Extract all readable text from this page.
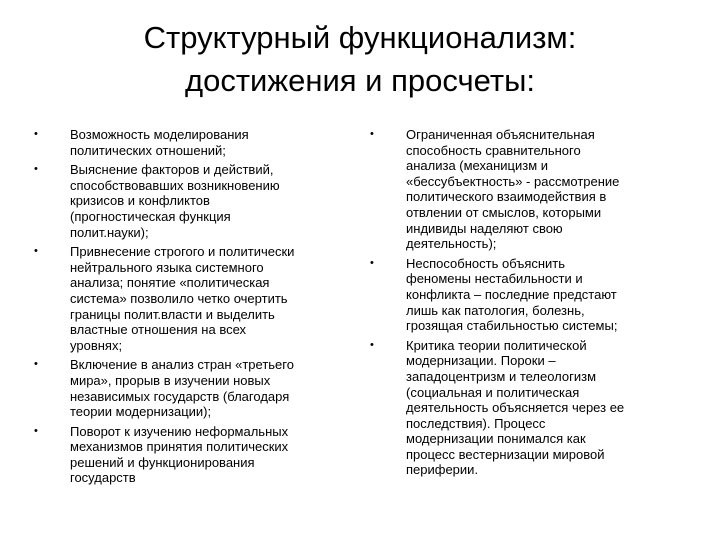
Структурный функционализм:
достижения и просчеты:
• Возможность моделирования
политических отношений;
• Выяснение факторов и действий,
способствовавших возникновению
кризисов и конфликтов
(прогностическая функция
полит.науки);
• Привнесение строгого и политически
нейтрального языка системного
анализа; понятие «политическая
система» позволило четко очертить
границы полит.власти и выделить
властные отношения на всех
уровнях;
• Включение в анализ стран «третьего
мира», прорыв в изучении новых
независимых государств (благодаря
теории модернизации);
• Поворот к изучению неформальных
механизмов принятия политических
решений и функционирования
государств
• Ограниченная объяснительная
способность сравнительного
анализа (механицизм и
«бессубъектность» - рассмотрение
политического взаимодействия в
отвлении от смыслов, которыми
индивиды наделяют свою
деятельность);
• Неспособность объяснить
феномены нестабильности и
конфликта – последние предстают
лишь как патология, болезнь,
грозящая стабильностью системы;
• Критика теории политической
модернизации. Пороки –
западоцентризм и телеологизм
(социальная и политическая
деятельность объясняется через ее
последствия). Процесс
модернизации понимался как
процесс вестернизации мировой
периферии.
